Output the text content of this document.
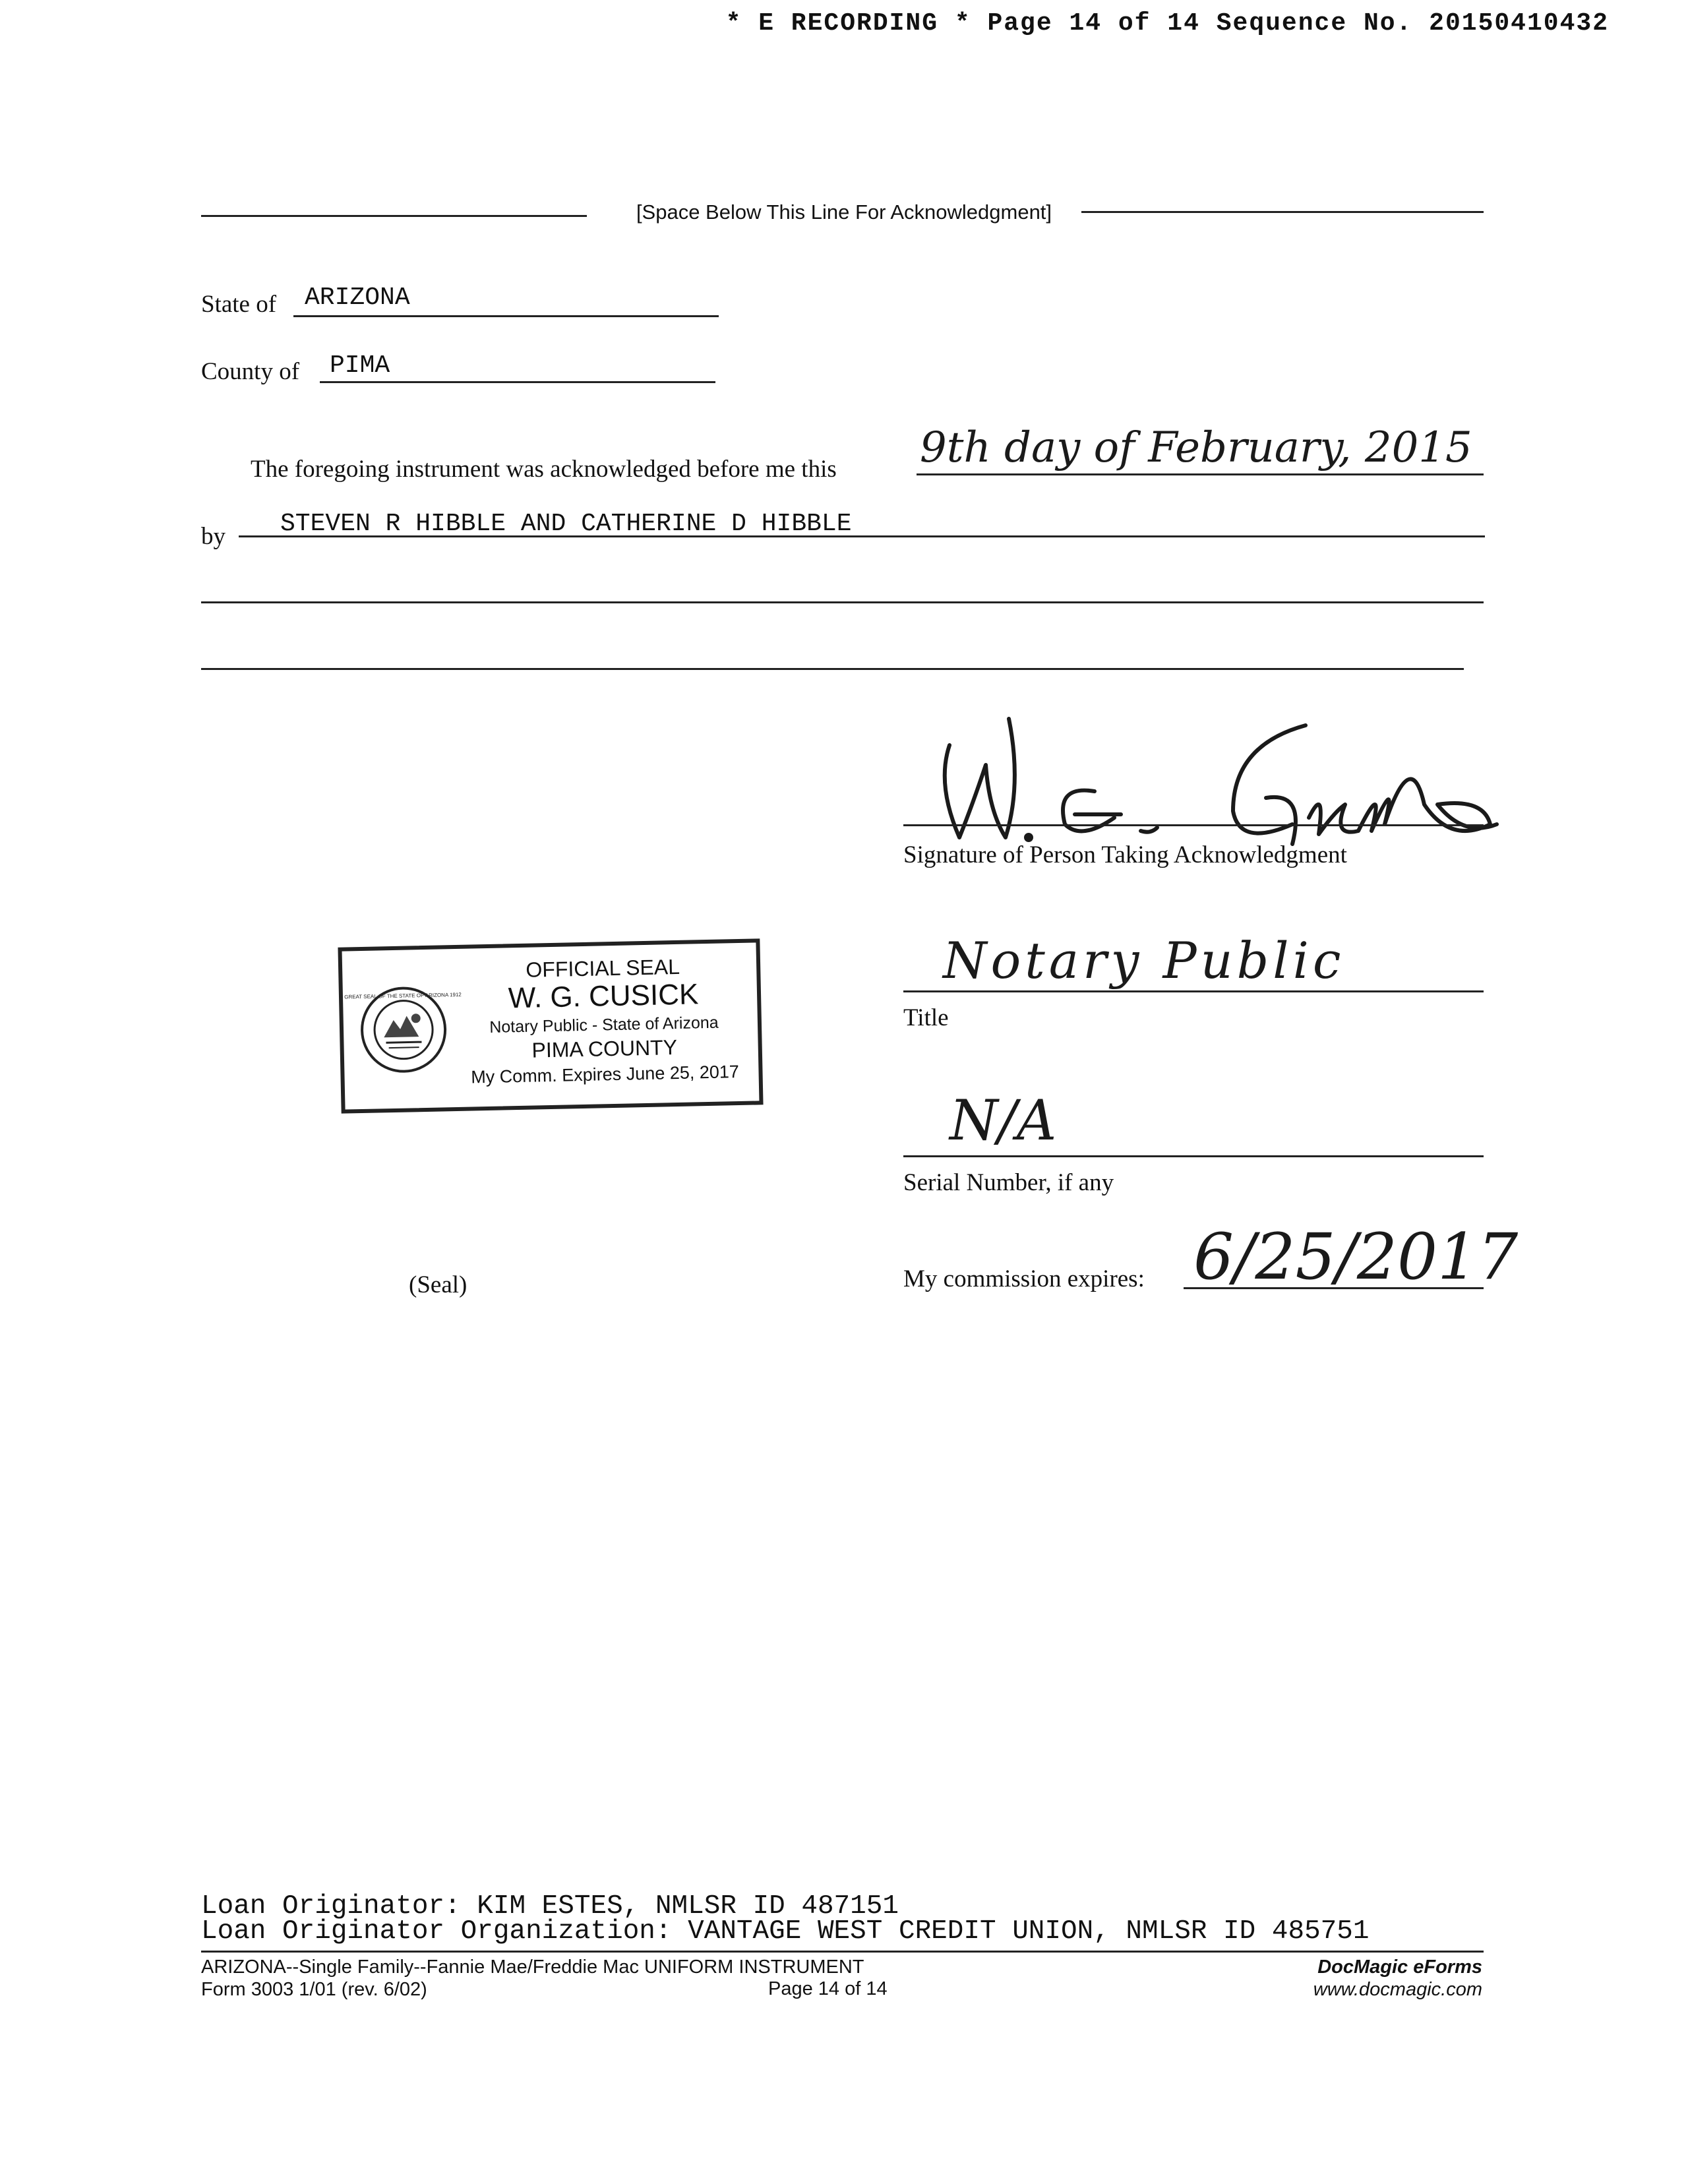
* E RECORDING * Page 14 of 14 Sequence No. 20150410432
[Space Below This Line For Acknowledgment]
State of ARIZONA
County of PIMA
The foregoing instrument was acknowledged before me this 9th day of February, 2015
by STEVEN R HIBBLE AND CATHERINE D HIBBLE
Signature of Person Taking Acknowledgment
Notary Public
Title
N/A
Serial Number, if any
My commission expires: 6/25/2017
GREAT SEAL OF THE STATE OF ARIZONA 1912
OFFICIAL SEAL
W. G. CUSICK
Notary Public - State of Arizona
PIMA COUNTY
My Comm. Expires June 25, 2017
(Seal)
Loan Originator: KIM ESTES, NMLSR ID 487151
Loan Originator Organization: VANTAGE WEST CREDIT UNION, NMLSR ID 485751
ARIZONA--Single Family--Fannie Mae/Freddie Mac UNIFORM INSTRUMENT
Form 3003 1/01 (rev. 6/02)	Page 14 of 14
DocMagic eForms
www.docmagic.com
